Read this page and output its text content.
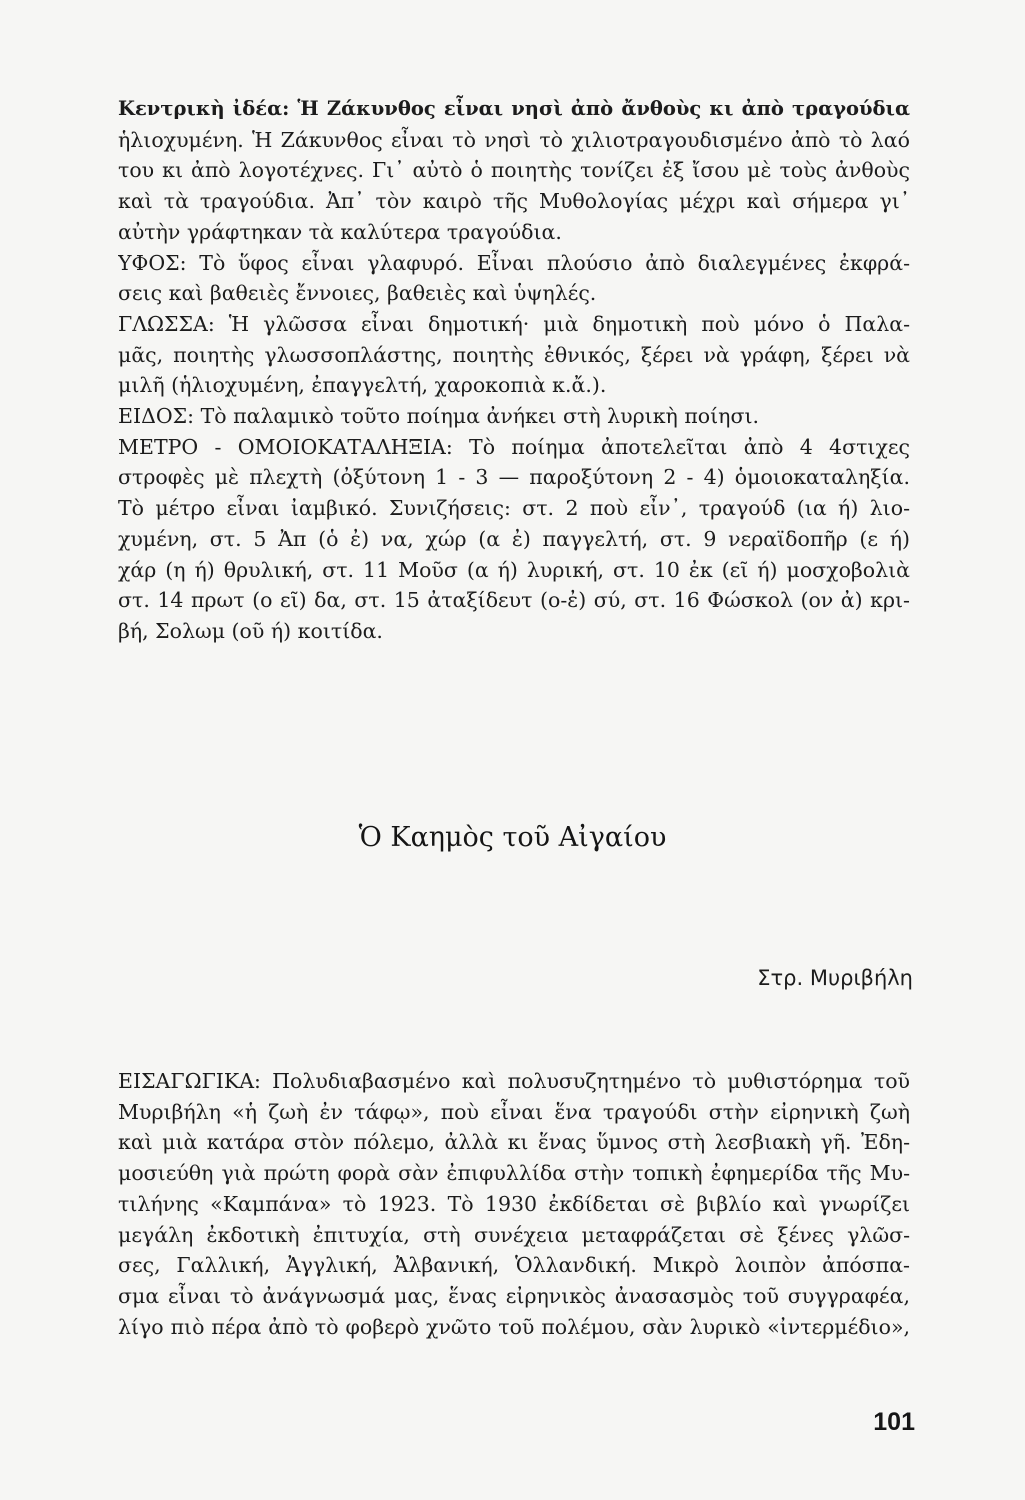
Κεντρικὴ ἰδέα: Ἡ Ζάκυνθος εἶναι νησὶ ἀπὸ ἄνθοὺς κι ἀπὸ τραγούδια
ἡλιοχυμένη. Ἡ Ζάκυνθος εἶναι τὸ νησὶ τὸ χιλιοτραγουδισμένο ἀπὸ τὸ λαό
του κι ἀπὸ λογοτέχνες. Γι᾽ αὐτὸ ὁ ποιητὴς τονίζει ἐξ ἴσου μὲ τοὺς ἀνθοὺς
καὶ τὰ τραγούδια. Ἀπ᾽ τὸν καιρὸ τῆς Μυθολογίας μέχρι καὶ σήμερα γι᾽
αὐτὴν γράφτηκαν τὰ καλύτερα τραγούδια.
ΥΦΟΣ: Τὸ ὕφος εἶναι γλαφυρό. Εἶναι πλούσιο ἀπὸ διαλεγμένες ἐκφρά-
σεις καὶ βαθειὲς ἔννοιες, βαθειὲς καὶ ὑψηλές.
ΓΛΩΣΣΑ: Ἡ γλῶσσα εἶναι δημοτική· μιὰ δημοτικὴ ποὺ μόνο ὁ Παλα-
μᾶς, ποιητὴς γλωσσοπλάστης, ποιητὴς ἐθνικός, ξέρει νὰ γράφη, ξέρει νὰ
μιλῆ (ἡλιοχυμένη, ἐπαγγελτή, χαροκοπιὰ κ.ἄ.).
ΕΙΔΟΣ: Τὸ παλαμικὸ τοῦτο ποίημα ἀνήκει στὴ λυρικὴ ποίησι.
ΜΕΤΡΟ - ΟΜΟΙΟΚΑΤΑΛΗΞΙΑ: Τὸ ποίημα ἀποτελεῖται ἀπὸ 4 4στιχες
στροφὲς μὲ πλεχτὴ (ὀξύτονη 1 - 3 — παροξύτονη 2 - 4) ὁμοιοκαταληξία.
Τὸ μέτρο εἶναι ἰαμβικό. Συνιζήσεις: στ. 2 ποὺ εἶν᾽, τραγούδ (ια ή) λιο-
χυμένη, στ. 5 Ἀπ (ὁ ἐ) να, χώρ (α ἐ) παγγελτή, στ. 9 νεραϊδοπῆρ (ε ή)
χάρ (η ή) θρυλική, στ. 11 Μοῦσ (α ή) λυρική, στ. 10 ἐκ (εῖ ή) μοσχοβολιὰ
στ. 14 πρωτ (ο εῖ) δα, στ. 15 ἀταξίδευτ (ο-ἐ) σύ, στ. 16 Φώσκολ (ον ἀ) κρι-
βή, Σολωμ (οῦ ή) κοιτίδα.
Ὁ Καημὸς τοῦ Αἰγαίου
Στρ. Μυριβήλη
ΕΙΣΑΓΩΓΙΚΑ: Πολυδιαβασμένο καὶ πολυσυζητημένο τὸ μυθιστόρημα τοῦ
Μυριβήλη «ἡ ζωὴ ἐν τάφῳ», ποὺ εἶναι ἕνα τραγούδι στὴν εἰρηνικὴ ζωὴ
καὶ μιὰ κατάρα στὸν πόλεμο, ἀλλὰ κι ἕνας ὕμνος στὴ λεσβιακὴ γῆ. Ἐδη-
μοσιεύθη γιὰ πρώτη φορὰ σὰν ἐπιφυλλίδα στὴν τοπικὴ ἐφημερίδα τῆς Μυ-
τιλήνης «Καμπάνα» τὸ 1923. Τὸ 1930 ἐκδίδεται σὲ βιβλίο καὶ γνωρίζει
μεγάλη ἐκδοτικὴ ἐπιτυχία, στὴ συνέχεια μεταφράζεται σὲ ξένες γλῶσ-
σες, Γαλλική, Ἀγγλική, Ἀλβανική, Ὁλλανδική. Μικρὸ λοιπὸν ἀπόσπα-
σμα εἶναι τὸ ἀνάγνωσμά μας, ἕνας εἰρηνικὸς ἀνασασμὸς τοῦ συγγραφέα,
λίγο πιὸ πέρα ἀπὸ τὸ φοβερὸ χνῶτο τοῦ πολέμου, σὰν λυρικὸ «ἰντερμέδιο»,
101
